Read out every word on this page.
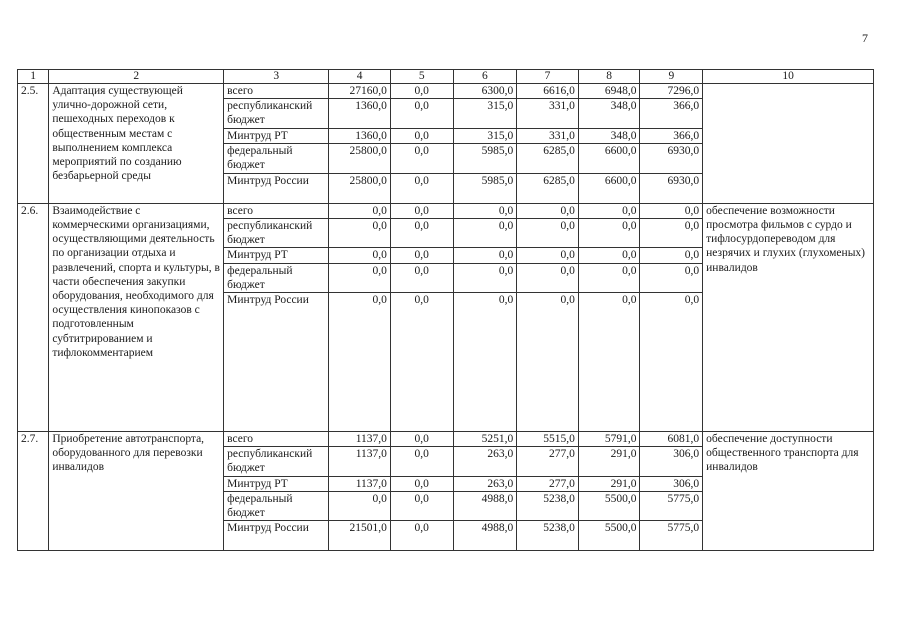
7
1	2	3	4	5	6	7	8	9	10
2.5.	Адаптация существующей улично-дорожной сети, пешеходных переходов к общественным местам с выполнением комплекса мероприятий по созданию безбарьерной среды	всего	27160,0	0,0	6300,0	6616,0	6948,0	7296,0	
		республиканский бюджет	1360,0	0,0	315,0	331,0	348,0	366,0	
		Минтруд РТ	1360,0	0,0	315,0	331,0	348,0	366,0	
		федеральный бюджет	25800,0	0,0	5985,0	6285,0	6600,0	6930,0	
		Минтруд России	25800,0	0,0	5985,0	6285,0	6600,0	6930,0	
2.6.	Взаимодействие с коммерческими организациями, осуществляющими деятельность по организации отдыха и развлечений, спорта и культуры, в части обеспечения закупки оборудования, необходимого для осуществления кинопоказов с подготовленным субтитрированием и тифлокомментарием	всего	0,0	0,0	0,0	0,0	0,0	0,0	обеспечение возможности просмотра фильмов с сурдо и тифлосурдопереводом для незрячих и глухих (глухоменых) инвалидов
		республиканский бюджет	0,0	0,0	0,0	0,0	0,0	0,0	
		Минтруд РТ	0,0	0,0	0,0	0,0	0,0	0,0	
		федеральный бюджет	0,0	0,0	0,0	0,0	0,0	0,0	
		Минтруд России	0,0	0,0	0,0	0,0	0,0	0,0	
2.7.	Приобретение автотранспорта, оборудованного для перевозки инвалидов	всего	1137,0	0,0	5251,0	5515,0	5791,0	6081,0	обеспечение доступности общественного транспорта для инвалидов
		республиканский бюджет	1137,0	0,0	263,0	277,0	291,0	306,0	
		Минтруд РТ	1137,0	0,0	263,0	277,0	291,0	306,0	
		федеральный бюджет	0,0	0,0	4988,0	5238,0	5500,0	5775,0	
		Минтруд России	21501,0	0,0	4988,0	5238,0	5500,0	5775,0	
